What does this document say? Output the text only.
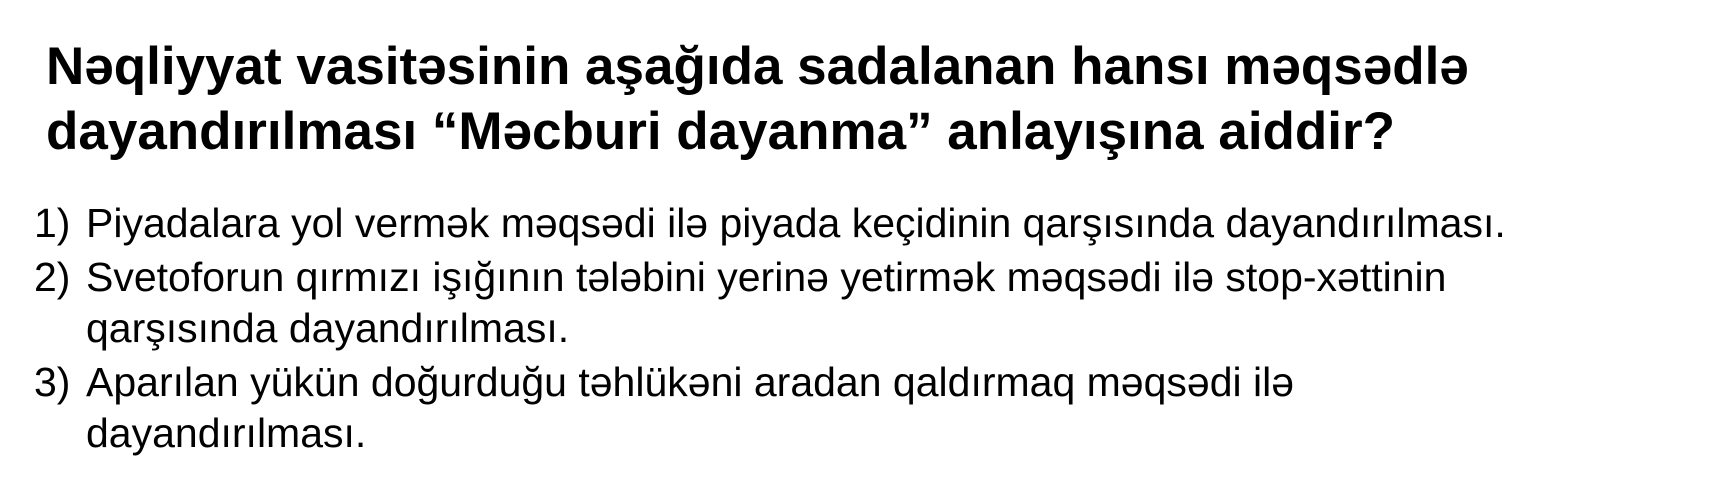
Nəqliyyat vasitəsinin aşağıda sadalanan hansı məqsədlə dayandırılması “Məcburi dayanma” anlayışına aiddir?
1) Piyadalara yol vermək məqsədi ilə piyada keçidinin qarşısında dayandırılması.
2) Svetoforun qırmızı işığının tələbini yerinə yetirmək məqsədi ilə stop-xəttinin qarşısında dayandırılması.
3) Aparılan yükün doğurduğu təhlükəni aradan qaldırmaq məqsədi ilə dayandırılması.
